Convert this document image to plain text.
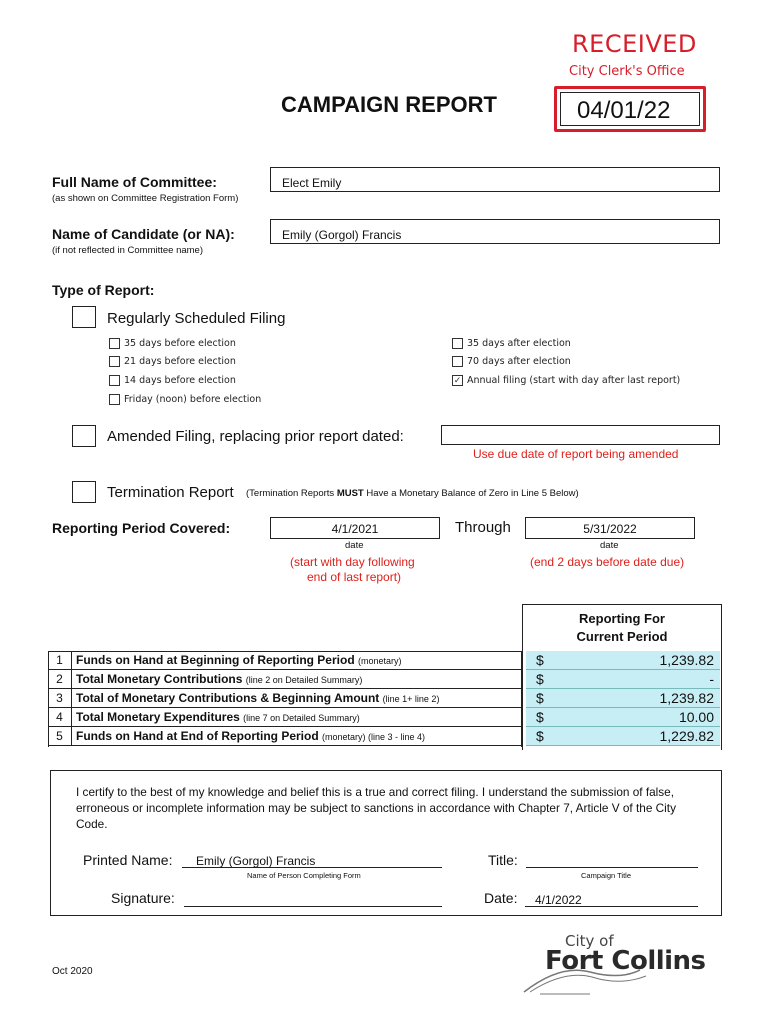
RECEIVED
City Clerk's Office
04/01/22
CAMPAIGN REPORT
Full Name of Committee:
(as shown on Committee Registration Form)
Elect Emily
Name of Candidate (or NA):
(if not reflected in Committee name)
Emily (Gorgol) Francis
Type of Report:
Regularly Scheduled Filing
35 days before election
21 days before election
14 days before election
Friday (noon) before election
35 days after election
70 days after election
✓ Annual filing (start with day after last report)
Amended Filing, replacing prior report dated:
Use due date of report being amended
Termination Report (Termination Reports MUST Have a Monetary Balance of Zero in Line 5 Below)
Reporting Period Covered:	4/1/2021	Through	5/31/2022
date	date
(start with day following
end of last report)
(end 2 days before date due)
Reporting For
Current Period
1	Funds on Hand at Beginning of Reporting Period (monetary)	$	1,239.82
2	Total Monetary Contributions (line 2 on Detailed Summary)	$	-
3	Total of Monetary Contributions & Beginning Amount (line 1+ line 2)	$	1,239.82
4	Total Monetary Expenditures (line 7 on Detailed Summary)	$	10.00
5	Funds on Hand at End of Reporting Period (monetary) (line 3 - line 4)	$	1,229.82
I certify to the best of my knowledge and belief this is a true and correct filing. I understand the submission of false, erroneous or incomplete information may be subject to sanctions in accordance with Chapter 7, Article V of the City Code.
Printed Name: Emily (Gorgol) Francis
Name of Person Completing Form
Title:
Campaign Title
Signature:	Date: 4/1/2022
Oct 2020
City of
Fort Collins
